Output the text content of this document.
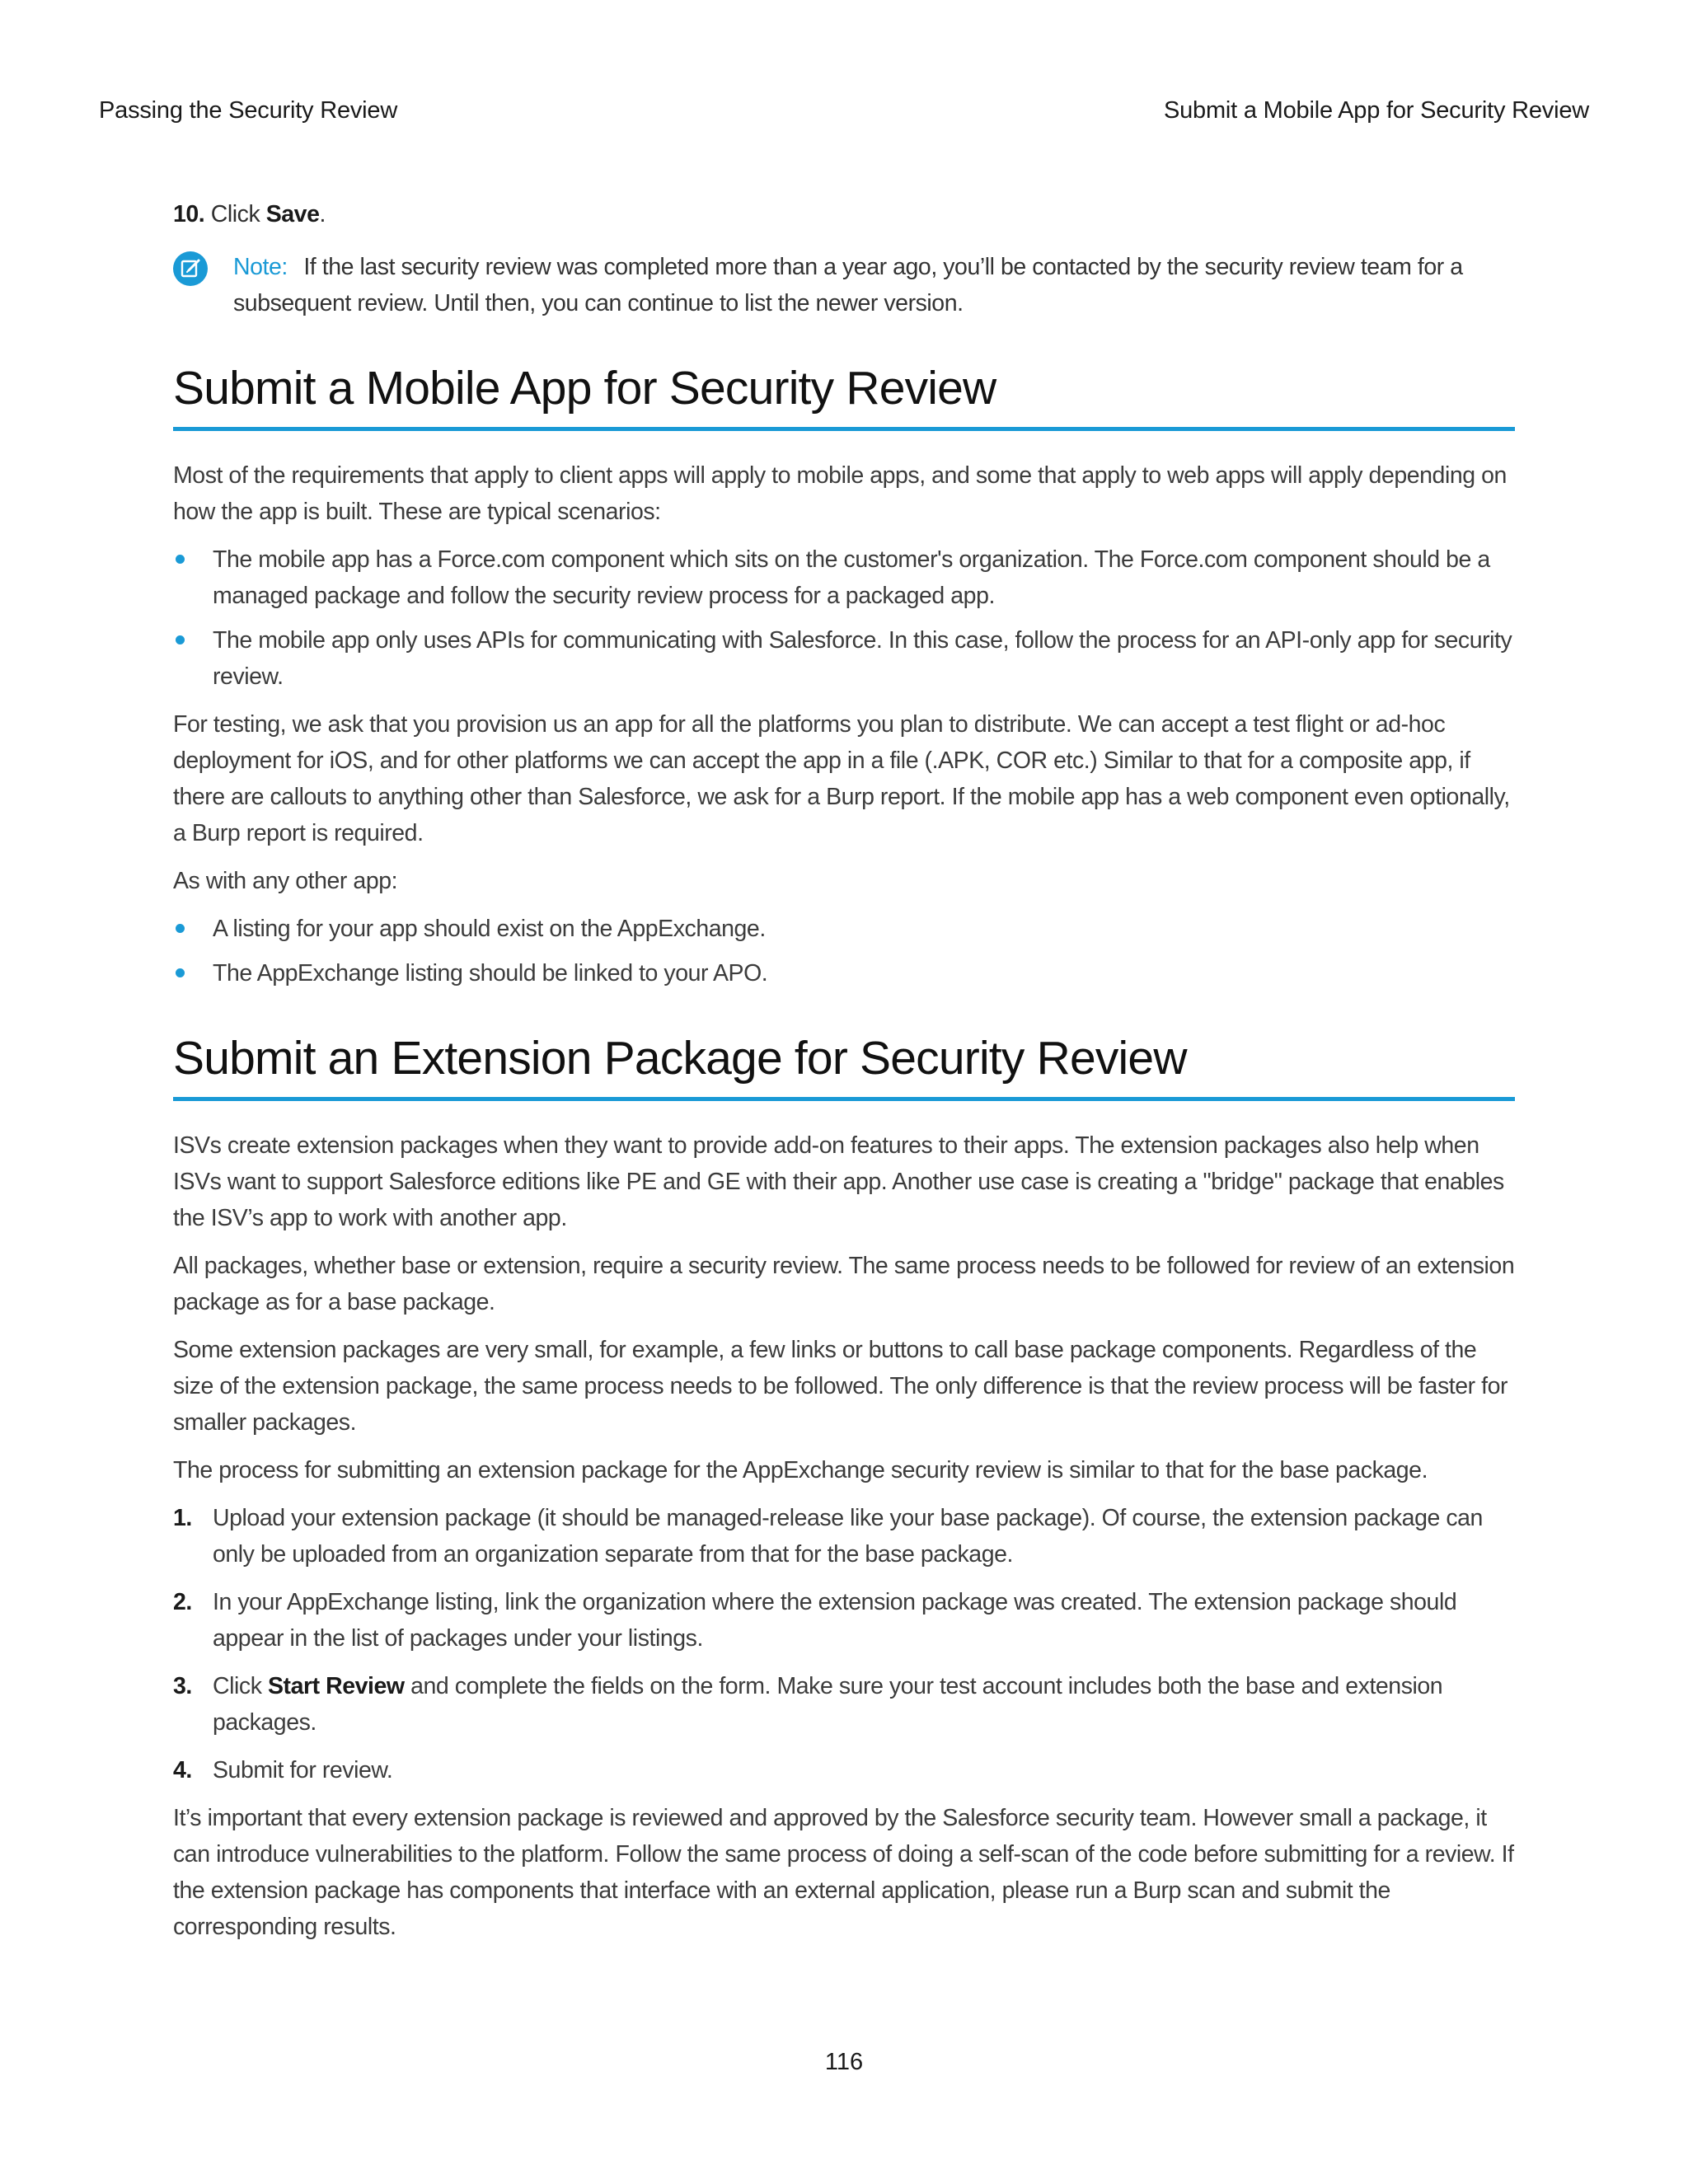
Passing the Security Review	Submit a Mobile App for Security Review
10. Click Save.
Note: If the last security review was completed more than a year ago, you’ll be contacted by the security review team for a subsequent review. Until then, you can continue to list the newer version.
Submit a Mobile App for Security Review

Most of the requirements that apply to client apps will apply to mobile apps, and some that apply to web apps will apply depending on how the app is built. These are typical scenarios:

The mobile app has a Force.com component which sits on the customer's organization. The Force.com component should be a managed package and follow the security review process for a packaged app.
The mobile app only uses APIs for communicating with Salesforce. In this case, follow the process for an API-only app for security review.

For testing, we ask that you provision us an app for all the platforms you plan to distribute. We can accept a test flight or ad-hoc deployment for iOS, and for other platforms we can accept the app in a file (.APK, COR etc.) Similar to that for a composite app, if there are callouts to anything other than Salesforce, we ask for a Burp report. If the mobile app has a web component even optionally, a Burp report is required.

As with any other app:

A listing for your app should exist on the AppExchange.
The AppExchange listing should be linked to your APO.
Submit an Extension Package for Security Review

ISVs create extension packages when they want to provide add-on features to their apps. The extension packages also help when ISVs want to support Salesforce editions like PE and GE with their app. Another use case is creating a "bridge" package that enables the ISV’s app to work with another app.

All packages, whether base or extension, require a security review. The same process needs to be followed for review of an extension package as for a base package.

Some extension packages are very small, for example, a few links or buttons to call base package components. Regardless of the size of the extension package, the same process needs to be followed. The only difference is that the review process will be faster for smaller packages.

The process for submitting an extension package for the AppExchange security review is similar to that for the base package.

1. Upload your extension package (it should be managed-release like your base package). Of course, the extension package can only be uploaded from an organization separate from that for the base package.
2. In your AppExchange listing, link the organization where the extension package was created. The extension package should appear in the list of packages under your listings.
3. Click Start Review and complete the fields on the form. Make sure your test account includes both the base and extension packages.
4. Submit for review.

It’s important that every extension package is reviewed and approved by the Salesforce security team. However small a package, it can introduce vulnerabilities to the platform. Follow the same process of doing a self-scan of the code before submitting for a review. If the extension package has components that interface with an external application, please run a Burp scan and submit the corresponding results.

116
